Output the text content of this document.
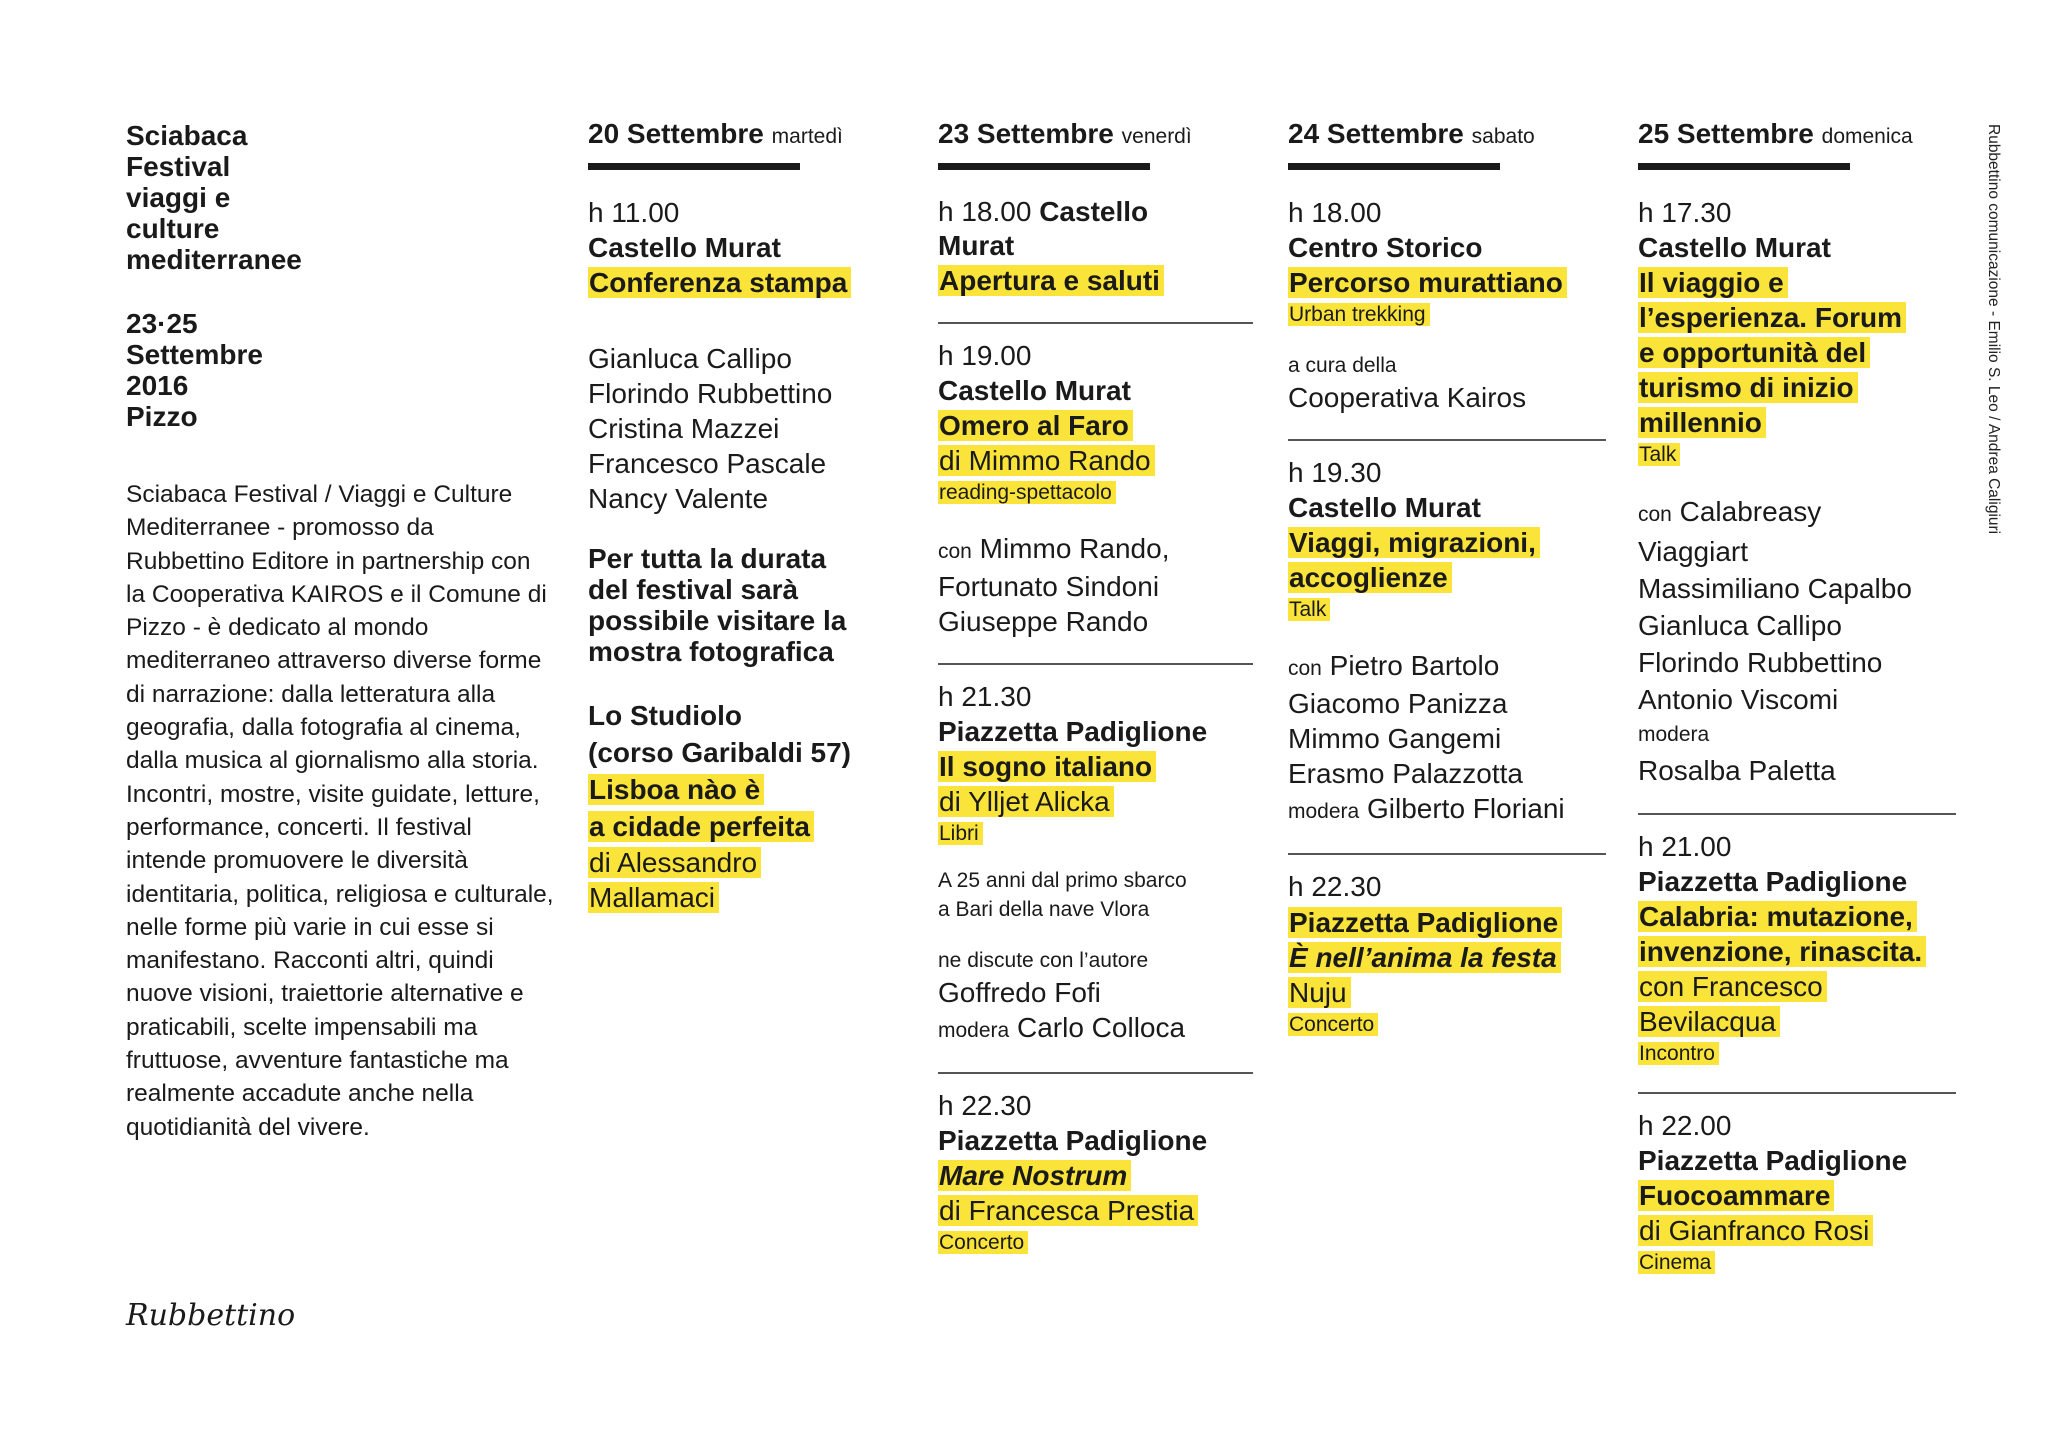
Sciabaca
Festival
viaggi e
culture
mediterranee
23·25
Settembre
2016
Pizzo
Sciabaca Festival / Viaggi e Culture Mediterranee - promosso da Rubbettino Editore in partnership con la Cooperativa KAIROS e il Comune di Pizzo - è dedicato al mondo mediterraneo attraverso diverse forme di narrazione: dalla letteratura alla geografia, dalla fotografia al cinema, dalla musica al giornalismo alla storia. Incontri, mostre, visite guidate, letture, performance, concerti. Il festival intende promuovere le diversità identitaria, politica, religiosa e culturale, nelle forme più varie in cui esse si manifestano. Racconti altri, quindi nuove visioni, traiettorie alternative e praticabili, scelte impensabili ma fruttuose, avventure fantastiche ma realmente accadute anche nella quotidianità del vivere.
Rubbettino
Rubbettino comunicazione - Emilio S. Leo / Andrea Caligiuri
20 Settembre martedì
h 11.00
Castello Murat
Conferenza stampa
Gianluca Callipo
Florindo Rubbettino
Cristina Mazzei
Francesco Pascale
Nancy Valente
Per tutta la durata
del festival sarà
possibile visitare la
mostra fotografica
Lo Studiolo
(corso Garibaldi 57)
Lisboa nào è
a cidade perfeita
di Alessandro
Mallamaci
23 Settembre venerdì
h 18.00 Castello
Murat
Apertura e saluti
h 19.00
Castello Murat
Omero al Faro
di Mimmo Rando
reading-spettacolo
con Mimmo Rando,
Fortunato Sindoni
Giuseppe Rando
h 21.30
Piazzetta Padiglione
Il sogno italiano
di Ylljet Alicka
Libri
A 25 anni dal primo sbarco
a Bari della nave Vlora
ne discute con l’autore
Goffredo Fofi
modera Carlo Colloca
h 22.30
Piazzetta Padiglione
Mare Nostrum
di Francesca Prestia
Concerto
24 Settembre sabato
h 18.00
Centro Storico
Percorso murattiano
Urban trekking
a cura della
Cooperativa Kairos
h 19.30
Castello Murat
Viaggi, migrazioni,
accoglienze
Talk
con Pietro Bartolo
Giacomo Panizza
Mimmo Gangemi
Erasmo Palazzotta
modera Gilberto Floriani
h 22.30
Piazzetta Padiglione
È nell’anima la festa
Nuju
Concerto
25 Settembre domenica
h 17.30
Castello Murat
Il viaggio e
l’esperienza. Forum
e opportunità del
turismo di inizio
millennio
Talk
con Calabreasy
Viaggiart
Massimiliano Capalbo
Gianluca Callipo
Florindo Rubbettino
Antonio Viscomi
modera
Rosalba Paletta
h 21.00
Piazzetta Padiglione
Calabria: mutazione,
invenzione, rinascita.
con Francesco
Bevilacqua
Incontro
h 22.00
Piazzetta Padiglione
Fuocoammare
di Gianfranco Rosi
Cinema
